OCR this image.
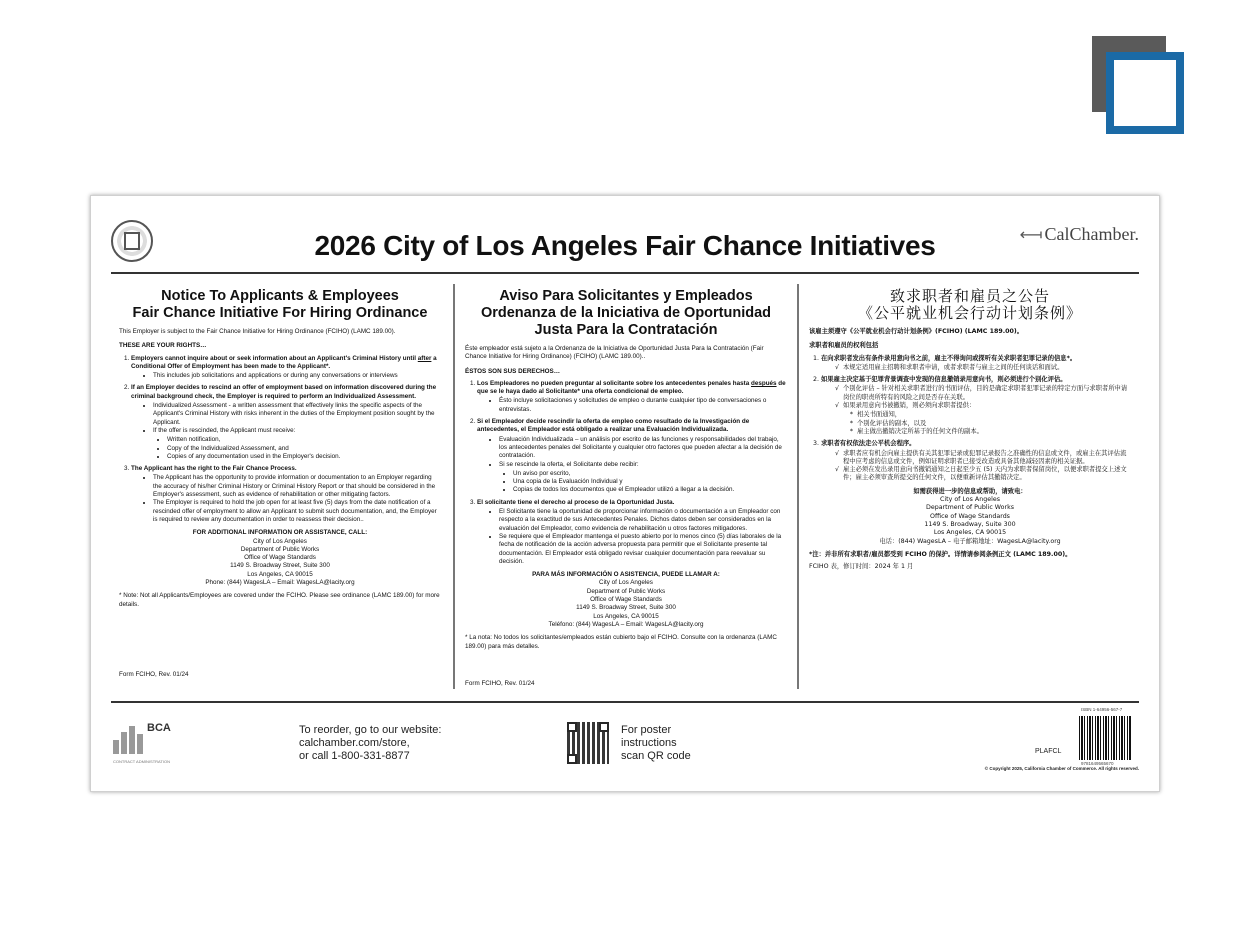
2026 City of Los Angeles Fair Chance Initiatives	⟻ CalChamber.
Notice To Applicants & Employees
Fair Chance Initiative For Hiring Ordinance
This Employer is subject to the Fair Chance Initiative for Hiring Ordinance (FCIHO) (LAMC 189.00).
THESE ARE YOUR RIGHTS…
1. Employers cannot inquire about or seek information about an Applicant's Criminal History until after a Conditional Offer of Employment has been made to the Applicant*.
• This includes job solicitations and applications or during any conversations or interviews
2. If an Employer decides to rescind an offer of employment based on information discovered during the criminal background check, the Employer is required to perform an Individualized Assessment.
• Individualized Assessment - a written assessment that effectively links the specific aspects of the Applicant's Criminal History with risks inherent in the duties of the Employment position sought by the Applicant.
• If the offer is rescinded, the Applicant must receive:
• Written notification,
• Copy of the Individualized Assessment, and
• Copies of any documentation used in the Employer's decision.
3. The Applicant has the right to the Fair Chance Process.
• The Applicant has the opportunity to provide information or documentation to an Employer regarding the accuracy of his/her Criminal History or Criminal History Report or that should be considered in the Employer's assessment, such as evidence of rehabilitation or other mitigating factors.
• The Employer is required to hold the job open for at least five (5) days from the date notification of a rescinded offer of employment to allow an Applicant to submit such documentation, and, the Employer is required to review any documentation in order to reassess their decision..
FOR ADDITIONAL INFORMATION OR ASSISTANCE, CALL:
City of Los Angeles
Department of Public Works
Office of Wage Standards
1149 S. Broadway Street, Suite 300
Los Angeles, CA 90015
Phone: (844) WagesLA – Email: WagesLA@lacity.org
* Note: Not all Applicants/Employees are covered under the FCIHO. Please see ordinance (LAMC 189.00) for more details.
Form FCIHO, Rev. 01/24
Aviso Para Solicitantes y Empleados
Ordenanza de la Iniciativa de Oportunidad
Justa Para la Contratación
Éste empleador está sujeto a la Ordenanza de la Iniciativa de Oportunidad Justa Para la Contratación (Fair Chance Initiative for Hiring Ordinance) (FCIHO) (LAMC 189.00)..
ÉSTOS SON SUS DERECHOS…
1. Los Empleadores no pueden preguntar al solicitante sobre los antecedentes penales hasta después de que se le haya dado al Solicitante* una oferta condicional de empleo.
• Ésto incluye solicitaciones y solicitudes de empleo o durante cualquier tipo de conversaciones o entrevistas.
2. Si el Empleador decide rescindir la oferta de empleo como resultado de la Investigación de antecedentes, el Empleador está obligado a realizar una Evaluación Individualizada.
• Evaluación Individualizada – un análisis por escrito de las funciones y responsabilidades del trabajo, los antecedentes penales del Solicitante y cualquier otro factores que pueden afectar a la decisión de contratación.
• Si se rescinde la oferta, el Solicitante debe recibir:
• Un aviso por escrito,
• Una copia de la Evaluación Individual y
• Copias de todos los documentos que el Empleador utilizó a llegar a la decisión.
3. El solicitante tiene el derecho al proceso de la Oportunidad Justa.
• El Solicitante tiene la oportunidad de proporcionar información o documentación a un Empleador con respecto a la exactitud de sus Antecedentes Penales. Dichos datos deben ser considerados en la evaluación del Empleador, como evidencia de rehabilitación u otros factores mitigadores.
• Se requiere que el Empleador mantenga el puesto abierto por lo menos cinco (5) días laborales de la fecha de notificación de la acción adversa propuesta para permitir que el Solicitante presente tal documentación. El Empleador está obligado revisar cualquier documentación para reevaluar su decisión.
PARA MÁS INFORMACIÓN O ASISTENCIA, PUEDE LLAMAR A:
City of Los Angeles
Department of Public Works
Office of Wage Standards
1149 S. Broadway Street, Suite 300
Los Angeles, CA 90015
Teléfono: (844) WagesLA – Email: WagesLA@lacity.org
* La nota: No todos los solicitantes/empleados están cubierto bajo el FCIHO. Consulte con la ordenanza (LAMC 189.00) para más detalles.
Form FCIHO, Rev. 01/24
致求职者和雇员之公告
《公平就业机会行动计划条例》
该雇主须遵守《公平就业机会行动计划条例》(FCIHO) (LAMC 189.00)。
求职者和雇员的权利包括
1. 在向求职者发出有条件录用意向书之前，雇主不得询问或探听有关求职者犯罪记录的信息*。
√ 本规定适用雇主招聘和求职者申请，或者求职者与雇主之间的任何谈话和面试。
2. 如果雇主决定基于犯罪背景调查中发现的信息撤销录用意向书，则必须进行个别化评估。
√ 个别化评估 – 针对相关求职者进行的书面评估，目的是确定求职者犯罪记录的特定方面与求职者所申请岗位的职责所特有的风险之间是否存在关联。
√ 如果录用意向书被撤销，则必须向求职者提供：
* 相关书面通知，
* 个别化评估的副本，以及
* 雇主做出撤销决定所基于的任何文件的副本。
3. 求职者有权依法走公平机会程序。
√ 求职者应有机会向雇主提供有关其犯罪记录或犯罪记录报告之准确性的信息或文件，或雇主在其评估流程中应考虑的信息或文件，例如证明求职者已接受改造或具备其他减轻因素的相关证据。
√ 雇主必须在发出录用意向书撤销通知之日起至少五 (5) 天内为求职者保留岗位，以便求职者提交上述文件；雇主必须审查所提交的任何文件，以便重新评估其撤销决定。
如需获得进一步的信息或帮助，请致电：
City of Los Angeles
Department of Public Works
Office of Wage Standards
1149 S. Broadway, Suite 300
Los Angeles, CA 90015
电话：(844) WagesLA – 电子邮箱地址：WagesLA@lacity.org
*注：并非所有求职者/雇员都受到 FCIHO 的保护。详情请参阅条例正文 (LAMC 189.00)。
FCIHO 表，修订时间：2024 年 1 月
BCA
CONTRACT ADMINISTRATION
To reorder, go to our website:
calchamber.com/store,
or call 1-800-331-8877
For poster
instructions
scan QR code	PLAFCL
ISBN 1-64956-567-7
9781649565670
© Copyright 2025, California Chamber of Commerce. All rights reserved.
